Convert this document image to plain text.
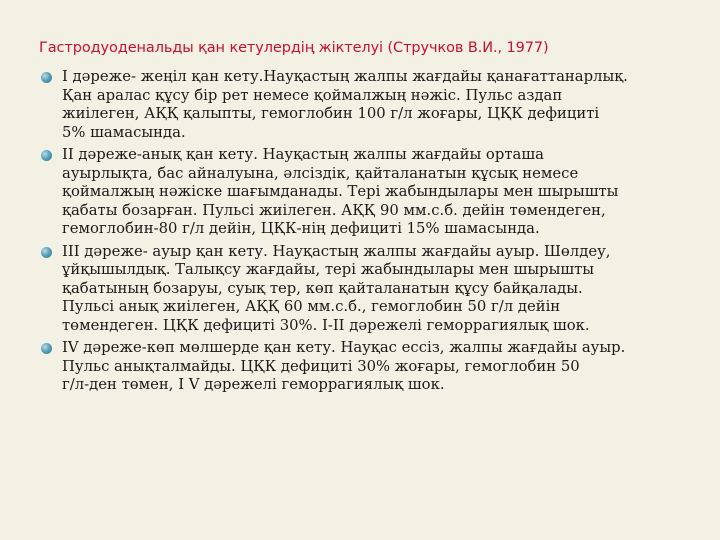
Гастродуоденальды қан кетулердің жіктелуі (Стручков В.И., 1977)
І дәреже- жеңіл қан кету.Науқастың жалпы жағдайы қанағаттанарлық.
Қан аралас құсу бір рет немесе қоймалжың нәжіс. Пульс аздап
жиілеген, АҚҚ қалыпты, гемоглобин 100 г/л жоғары, ЦҚК дефициті
5% шамасында.
ІІ дәреже-анық қан кету. Науқастың жалпы жағдайы орташа
ауырлықта, бас айналуына, әлсіздік, қайталанатын құсық немесе
қоймалжың нәжіске шағымданады. Тері жабындылары мен шырышты
қабаты бозарған. Пульсі жиілеген. АҚҚ 90 мм.с.б. дейін төмендеген,
гемоглобин-80 г/л дейін, ЦҚК-нің дефициті 15% шамасында.
ІІІ дәреже- ауыр қан кету. Науқастың жалпы жағдайы ауыр. Шөлдеу,
ұйқышылдық. Талықсу жағдайы, тері жабындылары мен шырышты
қабатының бозаруы, суық тер, көп қайталанатын құсу байқалады.
Пульсі анық жиілеген, АҚҚ 60 мм.с.б., гемоглобин 50 г/л дейін
төмендеген. ЦҚК дефициті 30%. І-ІІ дәрежелі геморрагиялық шок.
ІV дәреже-көп мөлшерде қан кету. Науқас ессіз, жалпы жағдайы ауыр.
Пульс анықталмайды. ЦҚК дефициті 30% жоғары, гемоглобин 50
г/л-ден төмен, І V дәрежелі геморрагиялық шок.
